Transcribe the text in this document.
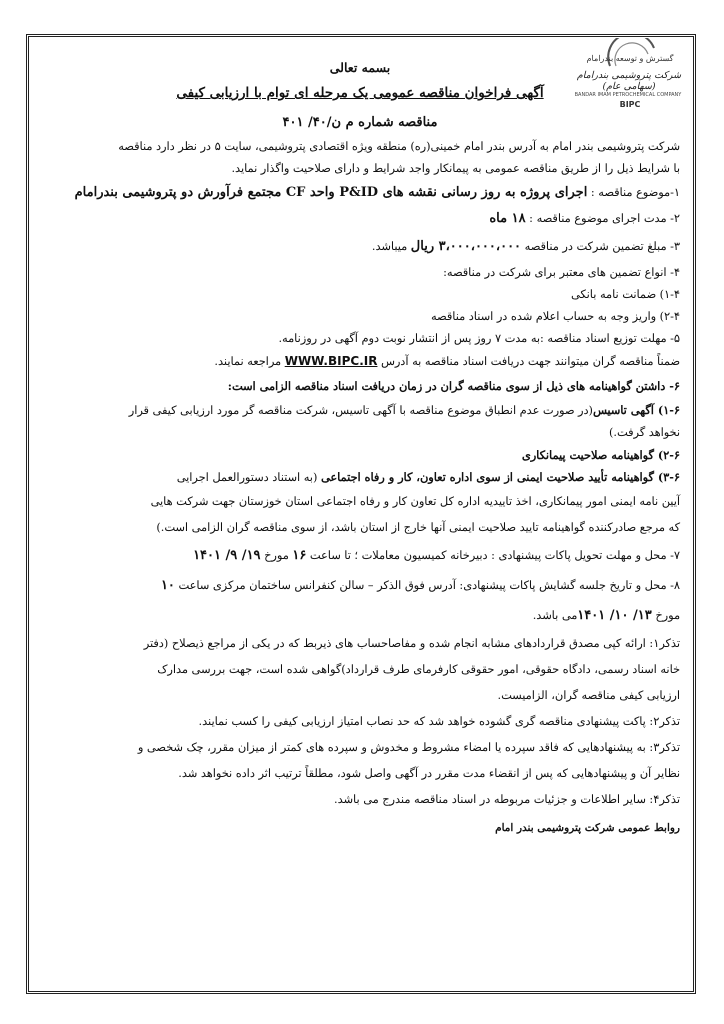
گسترش و توسعه بندرامام
شرکت پتروشیمی بندرامام (سهامی عام)
BANDAR IMAM PETROCHEMICAL COMPANY
BIPC
بسمه تعالی
آگهی فراخوان مناقصه عمومی یک مرحله ای توام با ارزیابی کیفی
مناقصه شماره م ن/۴۰/ ۴۰۱

شرکت پتروشیمی بندر امام به آدرس بندر امام خمینی(ره) منطقه ویژه اقتصادی پتروشیمی، سایت ۵ در نظر دارد مناقصه

با شرایط ذیل را از طریق مناقصه عمومی به پیمانکار واجد شرایط و دارای صلاحیت واگذار نماید.

۱-موضوع مناقصه : اجرای پروژه به روز رسانی نقشه های P&ID واحد CF مجتمع فرآورش دو پتروشیمی بندرامام

۲- مدت اجرای موضوع مناقصه : ۱۸ ماه

۳- مبلغ تضمین شرکت در مناقصه ۳،۰۰۰،۰۰۰،۰۰۰ ریال میباشد.

۴- انواع تضمین های معتبر برای شرکت در مناقصه:

۱-۴) ضمانت نامه بانکی

۲-۴) واریز وجه به حساب اعلام شده در اسناد مناقصه

۵- مهلت توزیع اسناد مناقصه :به مدت ۷ روز پس از انتشار نوبت دوم آگهی در روزنامه.

ضمناً مناقصه گران میتوانند جهت دریافت اسناد مناقصه به آدرس WWW.BIPC.IR مراجعه نمایند.

۶- داشتن گواهینامه های ذیل از سوی مناقصه گران در زمان دریافت اسناد مناقصه الزامی است:

۱-۶) آگهی تاسیس(در صورت عدم انطباق موضوع مناقصه با آگهی تاسیس، شرکت مناقصه گر مورد ارزیابی کیفی قرار

نخواهد گرفت.)

۲-۶) گواهینامه صلاحیت پیمانکاری

۳-۶) گواهینامه تأیید صلاحیت ایمنی از سوی اداره تعاون، کار و رفاه اجتماعی (به استناد دستورالعمل اجرایی

آیین نامه ایمنی امور پیمانکاری، اخذ تاییدیه اداره کل تعاون کار و رفاه اجتماعی استان خوزستان جهت شرکت هایی

که مرجع صادرکننده گواهینامه تایید صلاحیت ایمنی آنها خارج از استان باشد، از سوی مناقصه گران الزامی است.)

۷- محل و مهلت تحویل پاکات پیشنهادی : دبیرخانه کمیسیون معاملات ؛ تا ساعت ۱۶ مورخ ۱۹/ ۹/ ۱۴۰۱

۸- محل و تاریخ جلسه گشایش پاکات پیشنهادی: آدرس فوق الذکر – سالن کنفرانس ساختمان مرکزی ساعت ۱۰

مورخ ۱۳/ ۱۰/ ۱۴۰۱می باشد.

تذکر۱: ارائه کپی مصدق قراردادهای مشابه انجام شده و مفاصاحساب های ذیربط که در یکی از مراجع ذیصلاح (دفتر

خانه اسناد رسمی، دادگاه حقوقی، امور حقوقی کارفرمای طرف قرارداد)گواهی شده است، جهت بررسی مدارک

ارزیابی کیفی مناقصه گران، الزامیست.

تذکر۲: پاکت پیشنهادی مناقصه گری گشوده خواهد شد که حد نصاب امتیاز ارزیابی کیفی را کسب نمایند.

تذکر۳: به پیشنهادهایی که فاقد سپرده یا امضاء مشروط و مخدوش و سپرده های کمتر از میزان مقرر، چک شخصی و

نظایر آن و پیشنهادهایی که پس از انقضاء مدت مقرر در آگهی واصل شود، مطلقاً ترتیب اثر داده نخواهد شد.

تذکر۴: سایر اطلاعات و جزئیات مربوطه در اسناد مناقصه مندرج می باشد.

روابط عمومی شرکت پتروشیمی بندر امام
